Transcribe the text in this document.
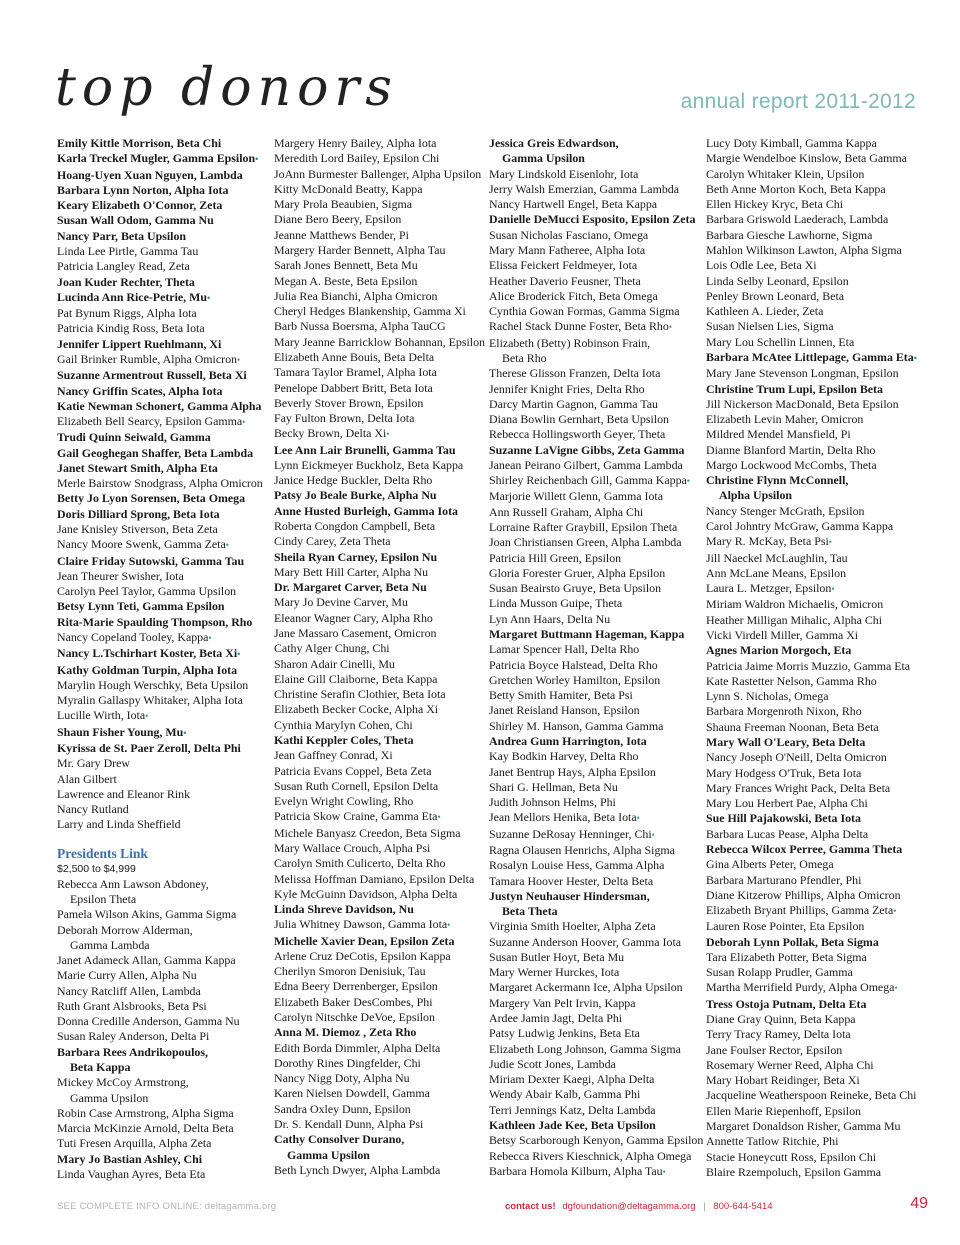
top donors	annual report 2011-2012
Emily Kittle Morrison, Beta Chi
Karla Treckel Mugler, Gamma Epsilon•
Hoang-Uyen Xuan Nguyen, Lambda
Barbara Lynn Norton, Alpha Iota
Keary Elizabeth O'Connor, Zeta
Susan Wall Odom, Gamma Nu
Nancy Parr, Beta Upsilon
Linda Lee Pirtle, Gamma Tau
Patricia Langley Read, Zeta
Joan Kuder Rechter, Theta
Lucinda Ann Rice-Petrie, Mu•
Pat Bynum Riggs, Alpha Iota
Patricia Kindig Ross, Beta Iota
Jennifer Lippert Ruehlmann, Xi
Gail Brinker Rumble, Alpha Omicron•
Suzanne Armentrout Russell, Beta Xi
Nancy Griffin Scates, Alpha Iota
Katie Newman Schonert, Gamma Alpha
Elizabeth Bell Searcy, Epsilon Gamma•
Trudi Quinn Seiwald, Gamma
Gail Geoghegan Shaffer, Beta Lambda
Janet Stewart Smith, Alpha Eta
Merle Bairstow Snodgrass, Alpha Omicron
Betty Jo Lyon Sorensen, Beta Omega
Doris Dilliard Sprong, Beta Iota
Jane Knisley Stiverson, Beta Zeta
Nancy Moore Swenk, Gamma Zeta•
Claire Friday Sutowski, Gamma Tau
Jean Theurer Swisher, Iota
Carolyn Peel Taylor, Gamma Upsilon
Betsy Lynn Teti, Gamma Epsilon
Rita-Marie Spaulding Thompson, Rho
Nancy Copeland Tooley, Kappa•
Nancy L.Tschirhart Koster, Beta Xi•
Kathy Goldman Turpin, Alpha Iota
Marylin Hough Werschky, Beta Upsilon
Myralin Gallaspy Whitaker, Alpha Iota
Lucille Wirth, Iota•
Shaun Fisher Young, Mu•
Kyrissa de St. Paer Zeroll, Delta Phi
Mr. Gary Drew
Alan Gilbert
Lawrence and Eleanor Rink
Nancy Rutland
Larry and Linda Sheffield
Presidents Link
$2,500 to $4,999
Rebecca Ann Lawson Abdoney,
Epsilon Theta
Pamela Wilson Akins, Gamma Sigma
Deborah Morrow Alderman,
Gamma Lambda
Janet Adameck Allan, Gamma Kappa
Marie Curry Allen, Alpha Nu
Nancy Ratcliff Allen, Lambda
Ruth Grant Alsbrooks, Beta Psi
Donna Credille Anderson, Gamma Nu
Susan Raley Anderson, Delta Pi
Barbara Rees Andrikopoulos,
Beta Kappa
Mickey McCoy Armstrong,
Gamma Upsilon
Robin Case Armstrong, Alpha Sigma
Marcia McKinzie Arnold, Delta Beta
Tuti Fresen Arquilla, Alpha Zeta
Mary Jo Bastian Ashley, Chi
Linda Vaughan Ayres, Beta Eta
Margery Henry Bailey, Alpha Iota
Meredith Lord Bailey, Epsilon Chi
JoAnn Burmester Ballenger, Alpha Upsilon
Kitty McDonald Beatty, Kappa
Mary Prola Beaubien, Sigma
Diane Bero Beery, Epsilon
Jeanne Matthews Bender, Pi
Margery Harder Bennett, Alpha Tau
Sarah Jones Bennett, Beta Mu
Megan A. Beste, Beta Epsilon
Julia Rea Bianchi, Alpha Omicron
Cheryl Hedges Blankenship, Gamma Xi
Barb Nussa Boersma, Alpha TauCG
Mary Jeanne Barricklow Bohannan, Epsilon
Elizabeth Anne Bouis, Beta Delta
Tamara Taylor Bramel, Alpha Iota
Penelope Dabbert Britt, Beta Iota
Beverly Stover Brown, Epsilon
Fay Fulton Brown, Delta Iota
Becky Brown, Delta Xi•
Lee Ann Lair Brunelli, Gamma Tau
Lynn Eickmeyer Buckholz, Beta Kappa
Janice Hedge Buckler, Delta Rho
Patsy Jo Beale Burke, Alpha Nu
Anne Husted Burleigh, Gamma Iota
Roberta Congdon Campbell, Beta
Cindy Carey, Zeta Theta
Sheila Ryan Carney, Epsilon Nu
Mary Bett Hill Carter, Alpha Nu
Dr. Margaret Carver, Beta Nu
Mary Jo Devine Carver, Mu
Eleanor Wagner Cary, Alpha Rho
Jane Massaro Casement, Omicron
Cathy Alger Chung, Chi
Sharon Adair Cinelli, Mu
Elaine Gill Claiborne, Beta Kappa
Christine Serafin Clothier, Beta Iota
Elizabeth Becker Cocke, Alpha Xi
Cynthia Marylyn Cohen, Chi
Kathi Keppler Coles, Theta
Jean Gaffney Conrad, Xi
Patricia Evans Coppel, Beta Zeta
Susan Ruth Cornell, Epsilon Delta
Evelyn Wright Cowling, Rho
Patricia Skow Craine, Gamma Eta•
Michele Banyasz Creedon, Beta Sigma
Mary Wallace Crouch, Alpha Psi
Carolyn Smith Culicerto, Delta Rho
Melissa Hoffman Damiano, Epsilon Delta
Kyle McGuinn Davidson, Alpha Delta
Linda Shreve Davidson, Nu
Julia Whitney Dawson, Gamma Iota•
Michelle Xavier Dean, Epsilon Zeta
Arlene Cruz DeCotis, Epsilon Kappa
Cherilyn Smoron Denisiuk, Tau
Edna Beery Derrenberger, Epsilon
Elizabeth Baker DesCombes, Phi
Carolyn Nitschke DeVoe, Epsilon
Anna M. Diemoz , Zeta Rho
Edith Borda Dimmler, Alpha Delta
Dorothy Rines Dingfelder, Chi
Nancy Nigg Doty, Alpha Nu
Karen Nielsen Dowdell, Gamma
Sandra Oxley Dunn, Epsilon
Dr. S. Kendall Dunn, Alpha Psi
Cathy Consolver Durano,
Gamma Upsilon
Beth Lynch Dwyer, Alpha Lambda
Jessica Greis Edwardson,
Gamma Upsilon
Mary Lindskold Eisenlohr, Iota
Jerry Walsh Emerzian, Gamma Lambda
Nancy Hartwell Engel, Beta Kappa
Danielle DeMucci Esposito, Epsilon Zeta
Susan Nicholas Fasciano, Omega
Mary Mann Fatheree, Alpha Iota
Elissa Feickert Feldmeyer, Iota
Heather Daverio Feusner, Theta
Alice Broderick Fitch, Beta Omega
Cynthia Gowan Formas, Gamma Sigma
Rachel Stack Dunne Foster, Beta Rho•
Elizabeth (Betty) Robinson Frain,
Beta Rho
Therese Glisson Franzen, Delta Iota
Jennifer Knight Fries, Delta Rho
Darcy Martin Gagnon, Gamma Tau
Diana Bowlin Gernhart, Beta Upsilon
Rebecca Hollingsworth Geyer, Theta
Suzanne LaVigne Gibbs, Zeta Gamma
Janean Peirano Gilbert, Gamma Lambda
Shirley Reichenbach Gill, Gamma Kappa•
Marjorie Willett Glenn, Gamma Iota
Ann Russell Graham, Alpha Chi
Lorraine Rafter Graybill, Epsilon Theta
Joan Christiansen Green, Alpha Lambda
Patricia Hill Green, Epsilon
Gloria Forester Gruer, Alpha Epsilon
Susan Beairsto Gruye, Beta Upsilon
Linda Musson Guipe, Theta
Lyn Ann Haars, Delta Nu
Margaret Buttmann Hageman, Kappa
Lamar Spencer Hall, Delta Rho
Patricia Boyce Halstead, Delta Rho
Gretchen Worley Hamilton, Epsilon
Betty Smith Hamiter, Beta Psi
Janet Reisland Hanson, Epsilon
Shirley M. Hanson, Gamma Gamma
Andrea Gunn Harrington, Iota
Kay Bodkin Harvey, Delta Rho
Janet Bentrup Hays, Alpha Epsilon
Shari G. Hellman, Beta Nu
Judith Johnson Helms, Phi
Jean Mellors Henika, Beta Iota•
Suzanne DeRosay Henninger, Chi•
Ragna Olausen Henrichs, Alpha Sigma
Rosalyn Louise Hess, Gamma Alpha
Tamara Hoover Hester, Delta Beta
Justyn Neuhauser Hindersman,
Beta Theta
Virginia Smith Hoelter, Alpha Zeta
Suzanne Anderson Hoover, Gamma Iota
Susan Butler Hoyt, Beta Mu
Mary Werner Hurckes, Iota
Margaret Ackermann Ice, Alpha Upsilon
Margery Van Pelt Irvin, Kappa
Ardee Jamin Jagt, Delta Phi
Patsy Ludwig Jenkins, Beta Eta
Elizabeth Long Johnson, Gamma Sigma
Judie Scott Jones, Lambda
Miriam Dexter Kaegi, Alpha Delta
Wendy Abair Kalb, Gamma Phi
Terri Jennings Katz, Delta Lambda
Kathleen Jade Kee, Beta Upsilon
Betsy Scarborough Kenyon, Gamma Epsilon
Rebecca Rivers Kieschnick, Alpha Omega
Barbara Homola Kilburn, Alpha Tau•
Lucy Doty Kimball, Gamma Kappa
Margie Wendelboe Kinslow, Beta Gamma
Carolyn Whitaker Klein, Upsilon
Beth Anne Morton Koch, Beta Kappa
Ellen Hickey Kryc, Beta Chi
Barbara Griswold Laederach, Lambda
Barbara Giesche Lawhorne, Sigma
Mahlon Wilkinson Lawton, Alpha Sigma
Lois Odle Lee, Beta Xi
Linda Selby Leonard, Epsilon
Penley Brown Leonard, Beta
Kathleen A. Lieder, Zeta
Susan Nielsen Lies, Sigma
Mary Lou Schellin Linnen, Eta
Barbara McAtee Littlepage, Gamma Eta•
Mary Jane Stevenson Longman, Epsilon
Christine Trum Lupi, Epsilon Beta
Jill Nickerson MacDonald, Beta Epsilon
Elizabeth Levin Maher, Omicron
Mildred Mendel Mansfield, Pi
Dianne Blanford Martin, Delta Rho
Margo Lockwood McCombs, Theta
Christine Flynn McConnell,
Alpha Upsilon
Nancy Stenger McGrath, Epsilon
Carol Johntry McGraw, Gamma Kappa
Mary R. McKay, Beta Psi•
Jill Naeckel McLaughlin, Tau
Ann McLane Means, Epsilon
Laura L. Metzger, Epsilon•
Miriam Waldron Michaelis, Omicron
Heather Milligan Mihalic, Alpha Chi
Vicki Virdell Miller, Gamma Xi
Agnes Marion Morgoch, Eta
Patricia Jaime Morris Muzzio, Gamma Eta
Kate Rastetter Nelson, Gamma Rho
Lynn S. Nicholas, Omega
Barbara Morgenroth Nixon, Rho
Shauna Freeman Noonan, Beta Beta
Mary Wall O'Leary, Beta Delta
Nancy Joseph O'Neill, Delta Omicron
Mary Hodgess O'Truk, Beta Iota
Mary Frances Wright Pack, Delta Beta
Mary Lou Herbert Pae, Alpha Chi
Sue Hill Pajakowski, Beta Iota
Barbara Lucas Pease, Alpha Delta
Rebecca Wilcox Perree, Gamma Theta
Gina Alberts Peter, Omega
Barbara Marturano Pfendler, Phi
Diane Kitzerow Phillips, Alpha Omicron
Elizabeth Bryant Phillips, Gamma Zeta•
Lauren Rose Pointer, Eta Epsilon
Deborah Lynn Pollak, Beta Sigma
Tara Elizabeth Potter, Beta Sigma
Susan Rolapp Prudler, Gamma
Martha Merrifield Purdy, Alpha Omega•
Tress Ostoja Putnam, Delta Eta
Diane Gray Quinn, Beta Kappa
Terry Tracy Ramey, Delta Iota
Jane Foulser Rector, Epsilon
Rosemary Werner Reed, Alpha Chi
Mary Hobart Reidinger, Beta Xi
Jacqueline Weatherspoon Reineke, Beta Chi
Ellen Marie Riepenhoff, Epsilon
Margaret Donaldson Risher, Gamma Mu
Annette Tatlow Ritchie, Phi
Stacie Honeycutt Ross, Epsilon Chi
Blaire Rzempoluch, Epsilon Gamma
SEE COMPLETE INFO ONLINE: deltagamma.org	contact us! dgfoundation@deltagamma.org | 800-644-5414	49
